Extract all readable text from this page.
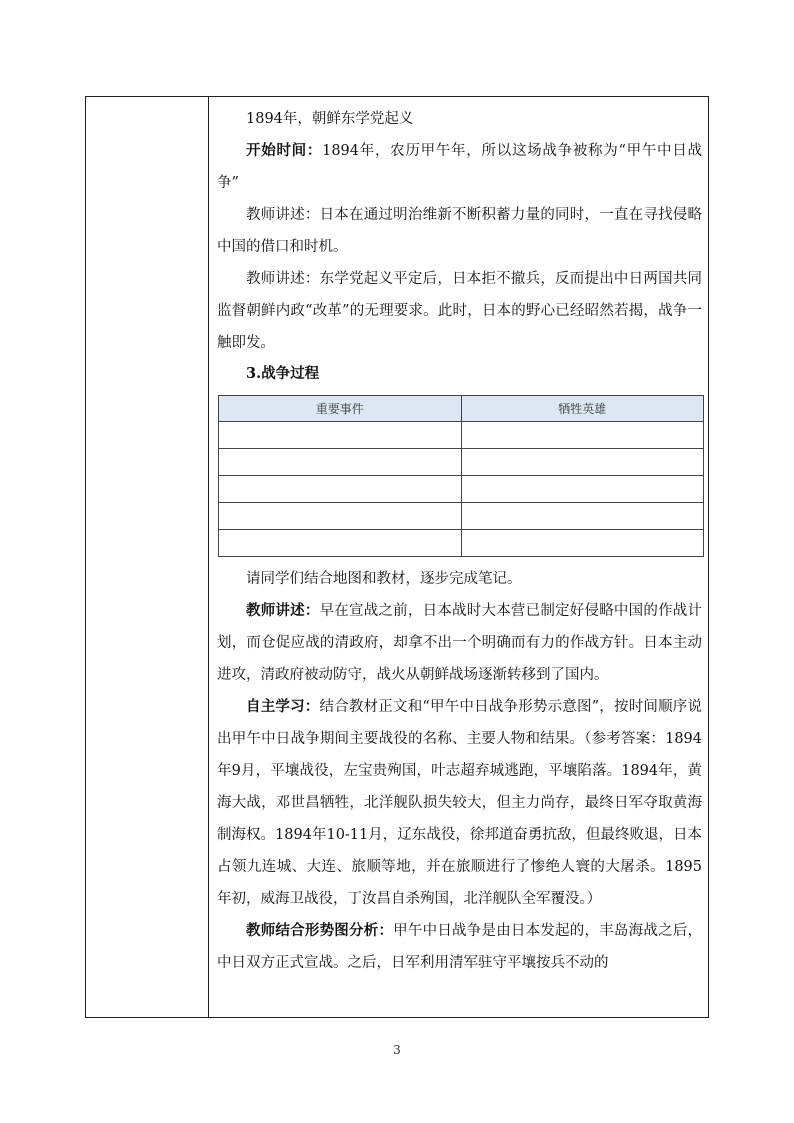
1894年，朝鲜东学党起义

开始时间：1894年，农历甲午年，所以这场战争被称为“甲午中日战争”

教师讲述：日本在通过明治维新不断积蓄力量的同时，一直在寻找侵略中国的借口和时机。

教师讲述：东学党起义平定后，日本拒不撤兵，反而提出中日两国共同监督朝鲜内政“改革”的无理要求。此时，日本的野心已经昭然若揭，战争一触即发。

3.战争过程

重要事件	牺牲英雄

请同学们结合地图和教材，逐步完成笔记。

教师讲述：早在宣战之前，日本战时大本营已制定好侵略中国的作战计划，而仓促应战的清政府，却拿不出一个明确而有力的作战方针。日本主动进攻，清政府被动防守，战火从朝鲜战场逐渐转移到了国内。

自主学习：结合教材正文和“甲午中日战争形势示意图”，按时间顺序说出甲午中日战争期间主要战役的名称、主要人物和结果。（参考答案：1894年9月，平壤战役，左宝贵殉国，叶志超弃城逃跑，平壤陷落。1894年，黄海大战，邓世昌牺牲，北洋舰队损失较大，但主力尚存，最终日军夺取黄海制海权。1894年10-11月，辽东战役，徐邦道奋勇抗敌，但最终败退，日本占领九连城、大连、旅顺等地，并在旅顺进行了惨绝人寰的大屠杀。1895年初，威海卫战役，丁汝昌自杀殉国，北洋舰队全军覆没。）

教师结合形势图分析：甲午中日战争是由日本发起的，丰岛海战之后，中日双方正式宣战。之后，日军利用清军驻守平壤按兵不动的

3
